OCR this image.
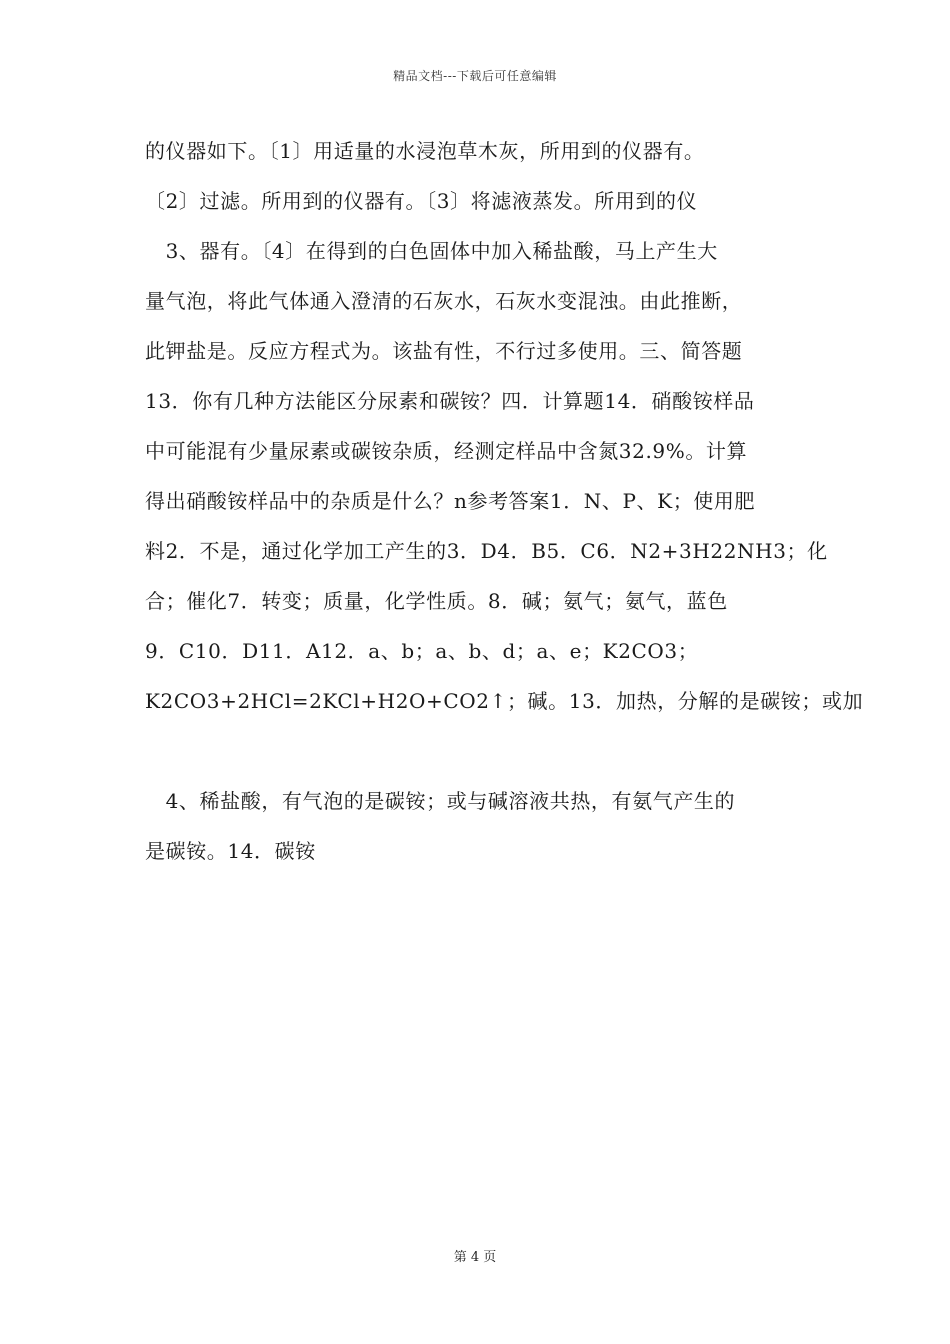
精品文档---下载后可任意编辑
的仪器如下。〔1〕用适量的水浸泡草木灰，所用到的仪器有。
〔2〕过滤。所用到的仪器有。〔3〕将滤液蒸发。所用到的仪
　3、器有。〔4〕在得到的白色固体中加入稀盐酸，马上产生大
量气泡，将此气体通入澄清的石灰水，石灰水变混浊。由此推断，
此钾盐是。反应方程式为。该盐有性，不行过多使用。三、简答题
13．你有几种方法能区分尿素和碳铵？四．计算题14．硝酸铵样品
中可能混有少量尿素或碳铵杂质，经测定样品中含氮32.9%。计算
得出硝酸铵样品中的杂质是什么？n参考答案1．N、P、K；使用肥
料2．不是，通过化学加工产生的3．D4．B5．C6．N2+3H22NH3；化
合；催化7．转变；质量，化学性质。8．碱；氨气；氨气，蓝色
9．C10．D11．A12．a、b；a、b、d；a、e；K2CO3；
K2CO3+2HCl=2KCl+H2O+CO2↑；碱。13．加热，分解的是碳铵；或加
　4、稀盐酸，有气泡的是碳铵；或与碱溶液共热，有氨气产生的
是碳铵。14．碳铵
第 4 页
